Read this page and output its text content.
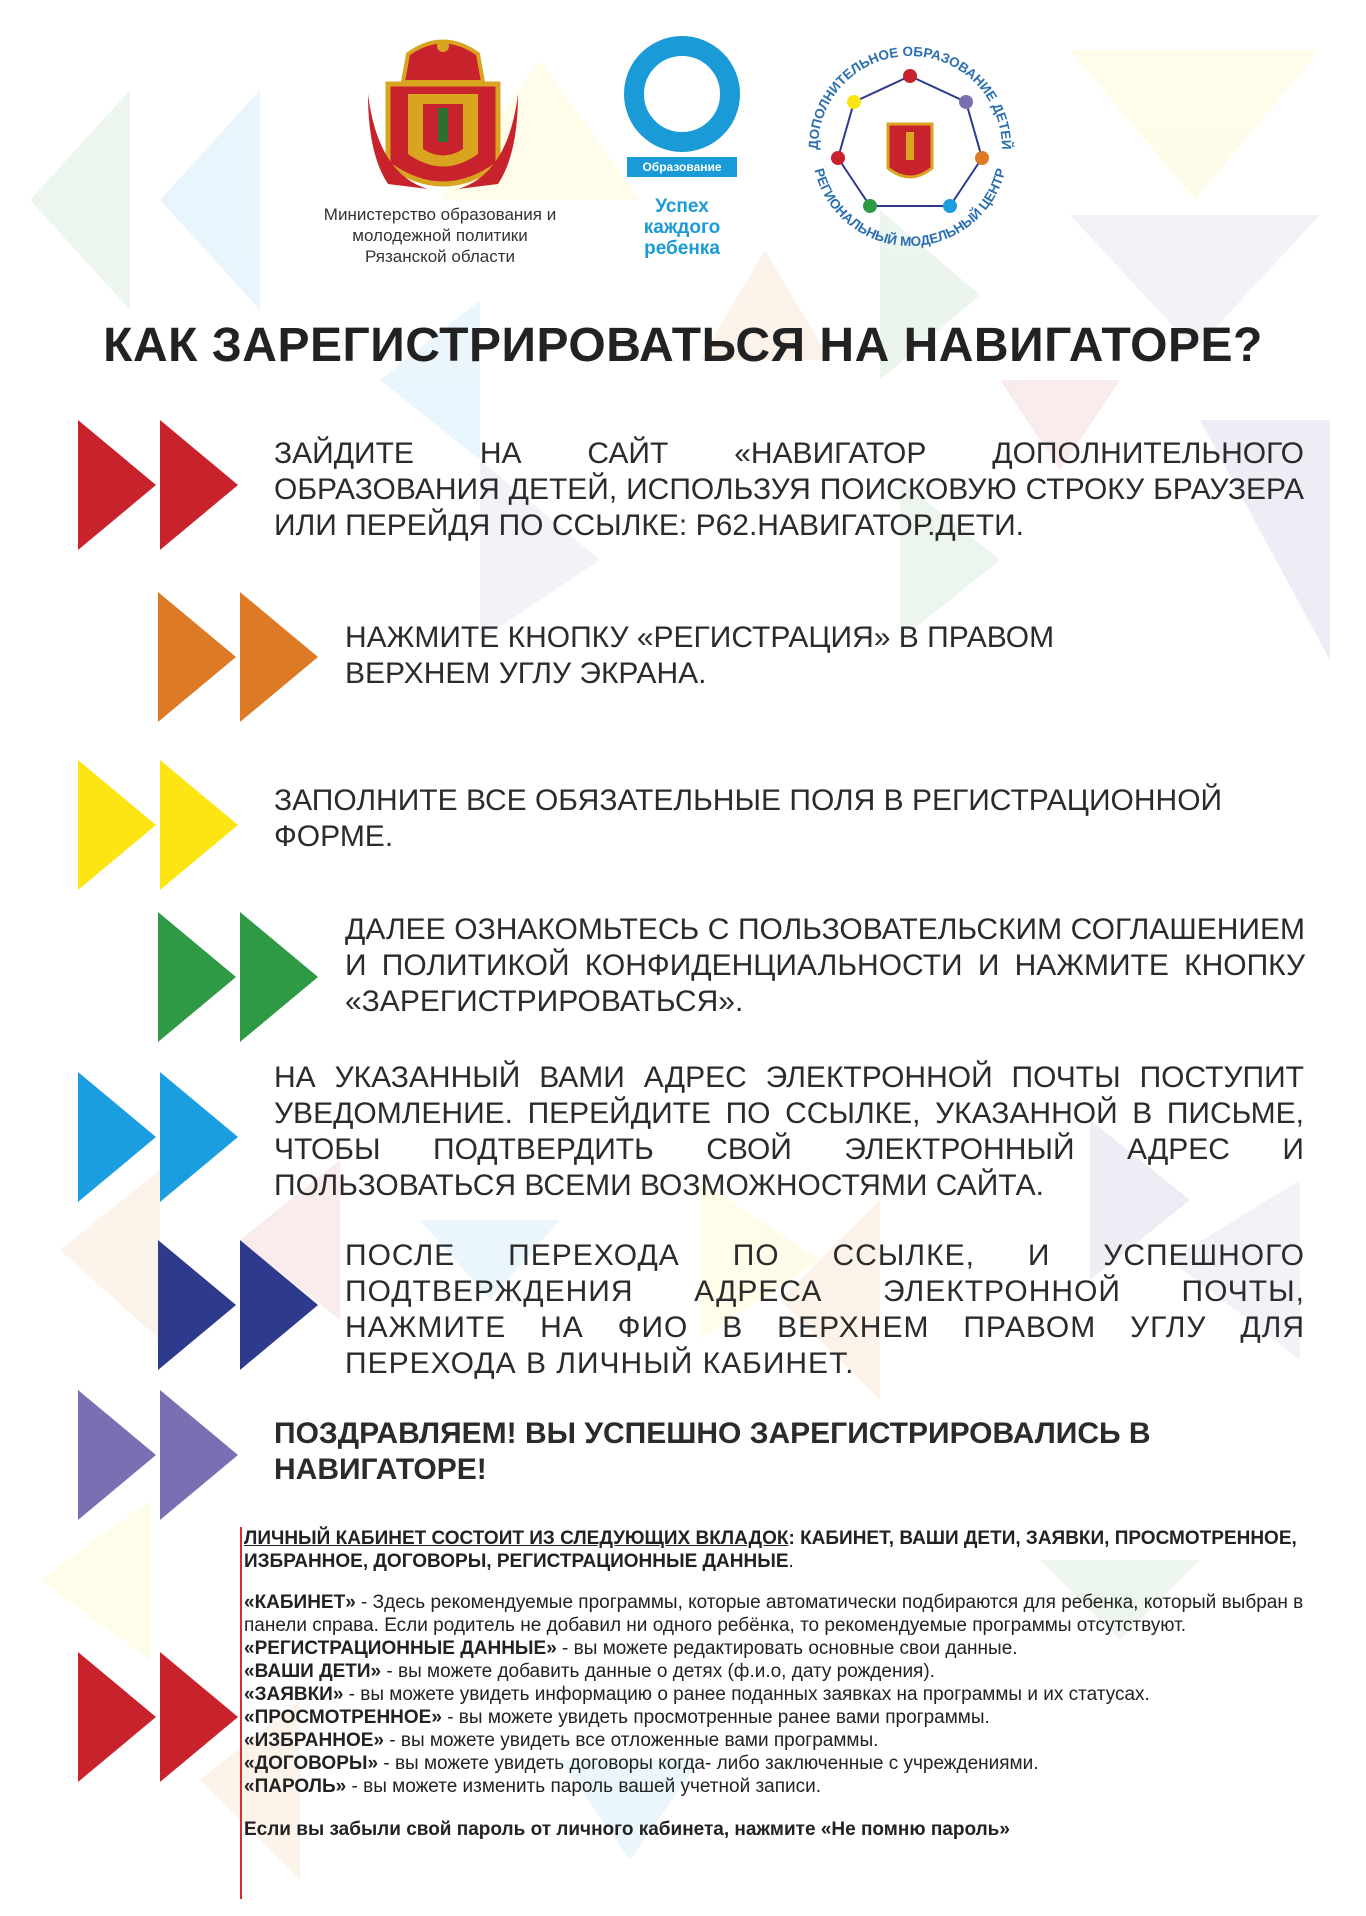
Министерство образования и
молодежной политики
Рязанской области
Образование
Успех
каждого
ребенка
ДОПОЛНИТЕЛЬНОЕ ОБРАЗОВАНИЕ ДЕТЕЙ
РЕГИОНАЛЬНЫЙ МОДЕЛЬНЫЙ ЦЕНТР
КАК ЗАРЕГИСТРИРОВАТЬСЯ НА НАВИГАТОРЕ?
ЗАЙДИТЕ НА САЙТ «НАВИГАТОР ДОПОЛНИТЕЛЬНОГО ОБРАЗОВАНИЯ ДЕТЕЙ, ИСПОЛЬЗУЯ ПОИСКОВУЮ СТРОКУ БРАУЗЕРА ИЛИ ПЕРЕЙДЯ ПО ССЫЛКЕ: Р62.НАВИГАТОР.ДЕТИ.
НАЖМИТЕ КНОПКУ «РЕГИСТРАЦИЯ» В ПРАВОМ ВЕРХНЕМ УГЛУ ЭКРАНА.
ЗАПОЛНИТЕ ВСЕ ОБЯЗАТЕЛЬНЫЕ ПОЛЯ В РЕГИСТРАЦИОННОЙ ФОРМЕ.
ДАЛЕЕ ОЗНАКОМЬТЕСЬ С ПОЛЬЗОВАТЕЛЬСКИМ СОГЛАШЕНИЕМ И ПОЛИТИКОЙ КОНФИДЕНЦИАЛЬНОСТИ И НАЖМИТЕ КНОПКУ «ЗАРЕГИСТРИРОВАТЬСЯ».
НА УКАЗАННЫЙ ВАМИ АДРЕС ЭЛЕКТРОННОЙ ПОЧТЫ ПОСТУПИТ УВЕДОМЛЕНИЕ. ПЕРЕЙДИТЕ ПО ССЫЛКЕ, УКАЗАННОЙ В ПИСЬМЕ, ЧТОБЫ ПОДТВЕРДИТЬ СВОЙ ЭЛЕКТРОННЫЙ АДРЕС И ПОЛЬЗОВАТЬСЯ ВСЕМИ ВОЗМОЖНОСТЯМИ САЙТА.
ПОСЛЕ ПЕРЕХОДА ПО ССЫЛКЕ, И УСПЕШНОГО ПОДТВЕРЖДЕНИЯ АДРЕСА ЭЛЕКТРОННОЙ ПОЧТЫ, НАЖМИТЕ НА ФИО В ВЕРХНЕМ ПРАВОМ УГЛУ ДЛЯ ПЕРЕХОДА В ЛИЧНЫЙ КАБИНЕТ.
ПОЗДРАВЛЯЕМ! ВЫ УСПЕШНО ЗАРЕГИСТРИРОВАЛИСЬ В НАВИГАТОРЕ!
ЛИЧНЫЙ КАБИНЕТ СОСТОИТ ИЗ СЛЕДУЮЩИХ ВКЛАДОК: КАБИНЕТ, ВАШИ ДЕТИ, ЗАЯВКИ, ПРОСМОТРЕННОЕ, ИЗБРАННОЕ, ДОГОВОРЫ, РЕГИСТРАЦИОННЫЕ ДАННЫЕ.
«КАБИНЕТ» - Здесь рекомендуемые программы, которые автоматически подбираются для ребенка, который выбран в панели справа. Если родитель не добавил ни одного ребёнка, то рекомендуемые программы отсутствуют.
«РЕГИСТРАЦИОННЫЕ ДАННЫЕ» - вы можете редактировать основные свои данные.
«ВАШИ ДЕТИ» - вы можете добавить данные о детях (ф.и.о, дату рождения).
«ЗАЯВКИ» - вы можете увидеть информацию о ранее поданных заявках на программы и их статусах.
«ПРОСМОТРЕННОЕ» - вы можете увидеть просмотренные ранее вами программы.
«ИЗБРАННОЕ» - вы можете увидеть все отложенные вами программы.
«ДОГОВОРЫ» - вы можете увидеть договоры когда- либо заключенные с учреждениями.
«ПАРОЛЬ» - вы можете изменить пароль вашей учетной записи.
Если вы забыли свой пароль от личного кабинета, нажмите «Не помню пароль»
